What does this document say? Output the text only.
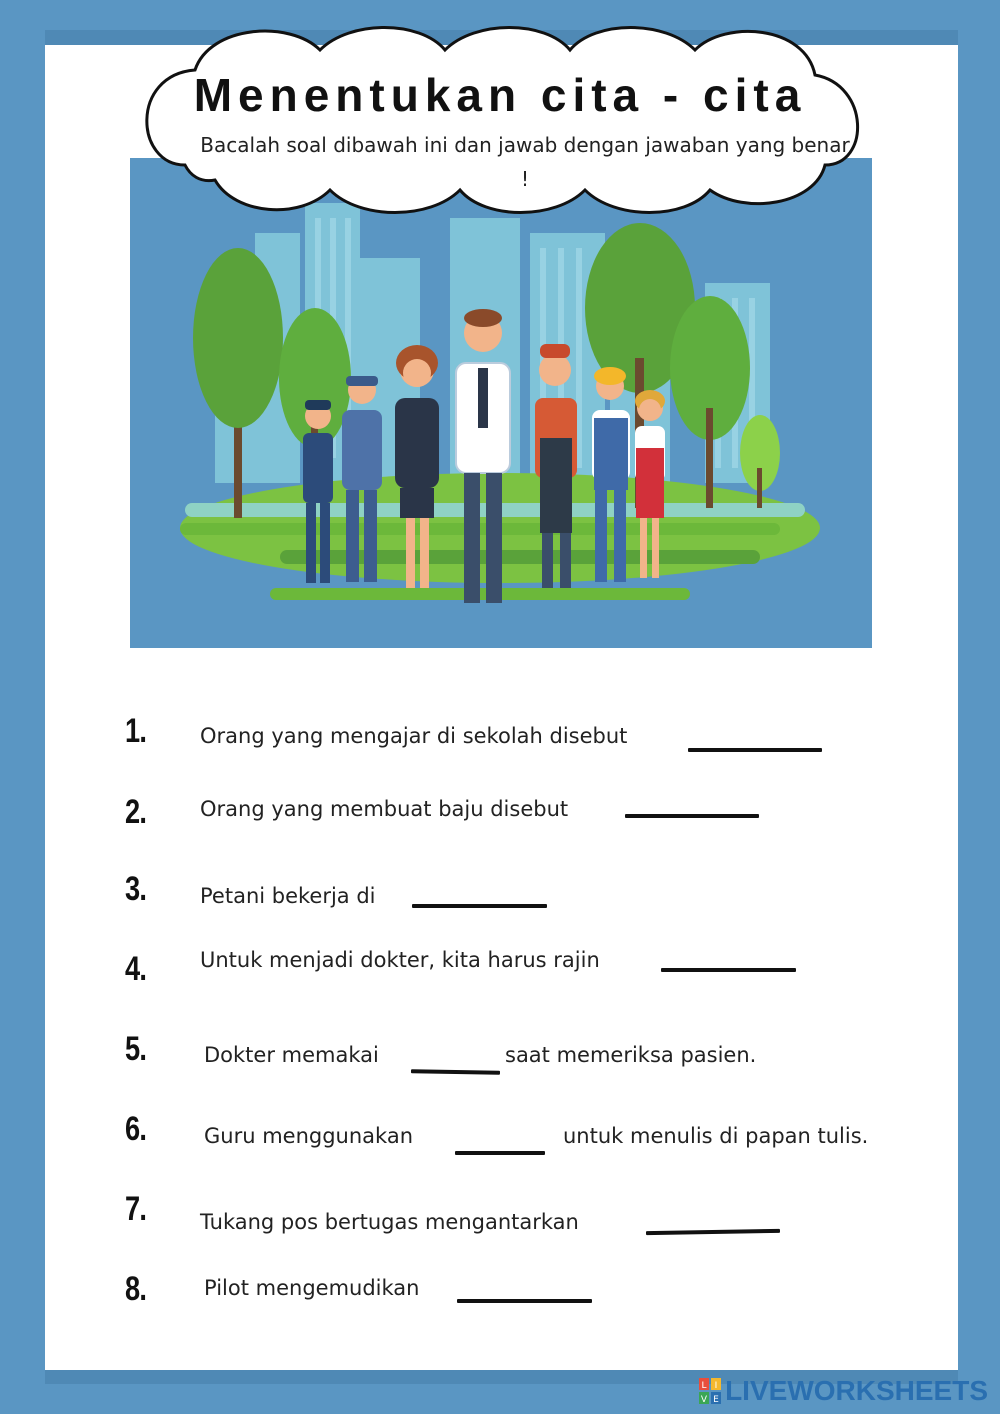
Menentukan cita - cita
Bacalah soal dibawah ini dan jawab dengan jawaban yang benar !
1.	Orang yang mengajar di sekolah disebut
2.	Orang yang membuat baju disebut
3.	Petani bekerja di
4.	Untuk menjadi dokter, kita harus rajin
5.	Dokter memakai	saat memeriksa pasien.
6.	Guru menggunakan	untuk menulis di papan tulis.
7.	Tukang pos bertugas mengantarkan
8.	Pilot mengemudikan
L I
V E LIVEWORKSHEETS
